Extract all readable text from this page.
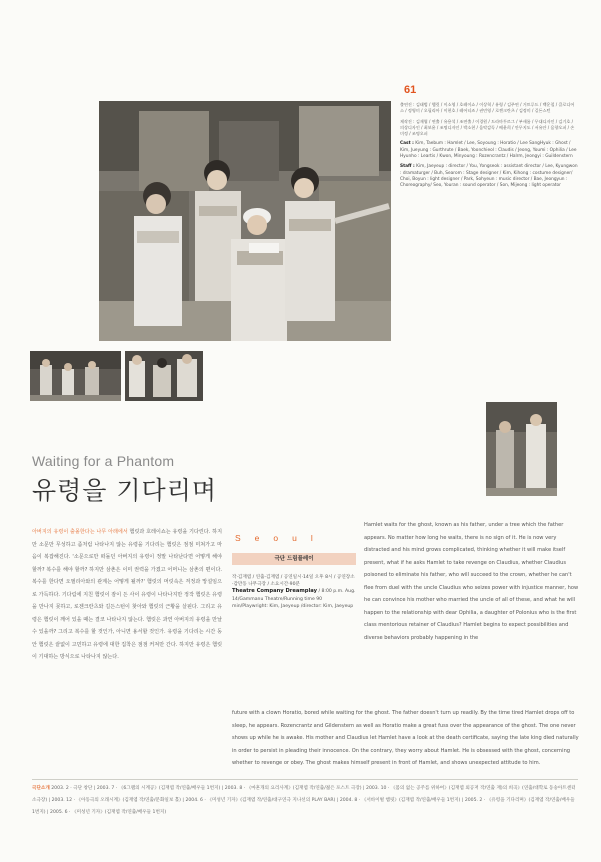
61

출연진 : 김태범 / 햄릿 / 이소영 / 호레이쇼 / 이상혁 / 유령 / 김주연 / 거트루드 / 백운철 / 클로디어스 / 정영미 / 오필리아 / 이현호 / 레어티즈 / 권민영 / 로젠크란츠 / 김정미 / 길든스턴

제작진 : 김재엽 / 연출 / 유용석 / 조연출 / 이경원 / 드라마투르그 / 부새롬 / 무대디자인 / 김기호 / 의상디자인 / 최보윤 / 조명디자인 / 박소현 / 음악감독 / 배윤희 / 안무지도 / 서유안 / 음향오퍼 / 손미정 / 조명오퍼

Cast : Kim, Taebum : Hamlet / Lee, Soyoung : Horatio / Lee SangHyuk : Ghost / Kim, Jueyung : Gurthrute / Baek, Yoonchieol : Claudis / Jeong, Youmi : Ophilia / Lee Hyunho : Leartis / Kwon, Minyoung : Rozencrantz / Halrm, Jeongyi : Guildenstern

Staff : Kim, Jaeyeup : director / You, Yongseok : assistant director / Lee, Kyungwon : dramaturger / Buh, Searom : Stage designer / Kim, Kihong : costume designer/ Choi, Boyun : light designer / Park, Sohyeun : music director / Bae, Jeongyun : Choreography/ Seo, Youran : sound operator / Son, Mijeong : light operator

Waiting for a Phantom
유령을 기다리며
아버지의 유령이 출몰한다는 나무 아래에서 햄릿과 호레이쇼는 유령을 기다린다. 하지만 소문만 무성하고 좀처럼 나타나지 않는 유령을 기다리는 햄릿은 점점 미쳐가고 마음이 복잡해진다. '소문으로만 떠돌던 아버지의 유령이 정말 나타난다면 어떻게 해야 할까? 복수를 해야 할까? 하지만 삼촌은 이미 권력을 가졌고 어머니는 삼촌의 편이다. 복수를 한다면 오필리아와의 관계는 어떻게 될까?' 햄릿의 머릿속은 걱정과 망설임으로 가득하다. 기다림에 지친 햄릿이 잠이 든 사이 유령이 나타나지만 정작 햄릿은 유령을 만나지 못하고, 로젠크란츠와 길든스턴이 찾아와 햄릿의 근황을 살핀다. 그리고 유령은 햄릿이 깨어 있을 때는 결코 나타나지 않는다. 햄릿은 과연 아버지의 유령을 만날 수 있을까? 그리고 복수를 할 것인가, 아니면 용서할 것인가. 유령을 기다리는 시간 동안 햄릿은 끝없이 고민하고 유령에 대한 집착은 점점 커져만 간다. 하지만 유령은 햄릿이 기대하는 방식으로 나타나지 않는다.
Seoul
극단 드림플레이
작·김재엽 / 연출·김재엽 / 공연일시·14일 오후 8시 / 공연장소·감만동 나무극장 / 소요시간·90분
Theatre Company Dreamplay / 8:00 p.m. Aug. 14/Gammanu Theatre/Running time 90 min/Playwright: Kim, Jaeyeup /director: Kim, Jaeyeup
Hamlet waits for the ghost, known as his father, under a tree which the father appears. No matter how long he waits, there is no sign of it. He is now very distracted and his mind grows complicated, thinking whether it will make itself present, what if he asks Hamlet to take revenge on Claudius, whether Claudius poisoned to eliminate his father, who will succeed to the crown, whether he can't flee from duel with the uncle Claudius who seizes power with injustice manner, how he can convince his mother who married the uncle of all of these, and what he will happen to the relationship with dear Ophilia, a daughter of Polonius who is the first class mentorious retainer of Claudius? Hamlet begins to expect possibilities and diverse behaviors probably happening in the
future with a clown Horatio, bored while waiting for the ghost. The father doesn't turn up readily. By the time tired Hamlet drops off to sleep, he appears. Rozencrantz and Gildenstern as well as Horatio make a great fuss over the appearance of the ghost. The one never shows up while he is awake. His mother and Claudius let Hamlet have a look at the death certificate, saying the late king died naturally in order to persist in pleading their innocence. On the contrary, they worry about Hamlet. He is obsessed with the ghost, concerning whether to revenge or obey. The ghost makes himself present in front of Hamlet, and shows unexpected attitude to him.
극단소개 2003. 2 · 극단 창단 | 2003. 7 · 《6그램의 시계공》(김재엽 작/연출/배우들 1번지) | 2003. 8 · 《마흔개의 요리사계》(김재엽 작/연출/젊은 포스트 극장) | 2003. 10 · 《몸의 없는 공주를 위하여》(김재엽 외공저 작/연출 재)의 희곡》(연출/대학로 동숭아트센터 소극장) | 2003. 12 · 《아동극의 오래시계》(김재엽 작/연출/문화일보 홀) | 2004. 6 · 《미성년 기자》(김재엽 작/연출/대구연극 지나선의 PLAY BAR) | 2004. 8 · 《서바이벌 햄릿》(김재엽 작/연출/배우들 1번지) | 2005. 2 · 《유령을 기다리며》(김재엽 작/연출/배우들 1번지) | 2005. 6 · 《미성년 기자》(김재엽 작/연출/배우들 1번지)
